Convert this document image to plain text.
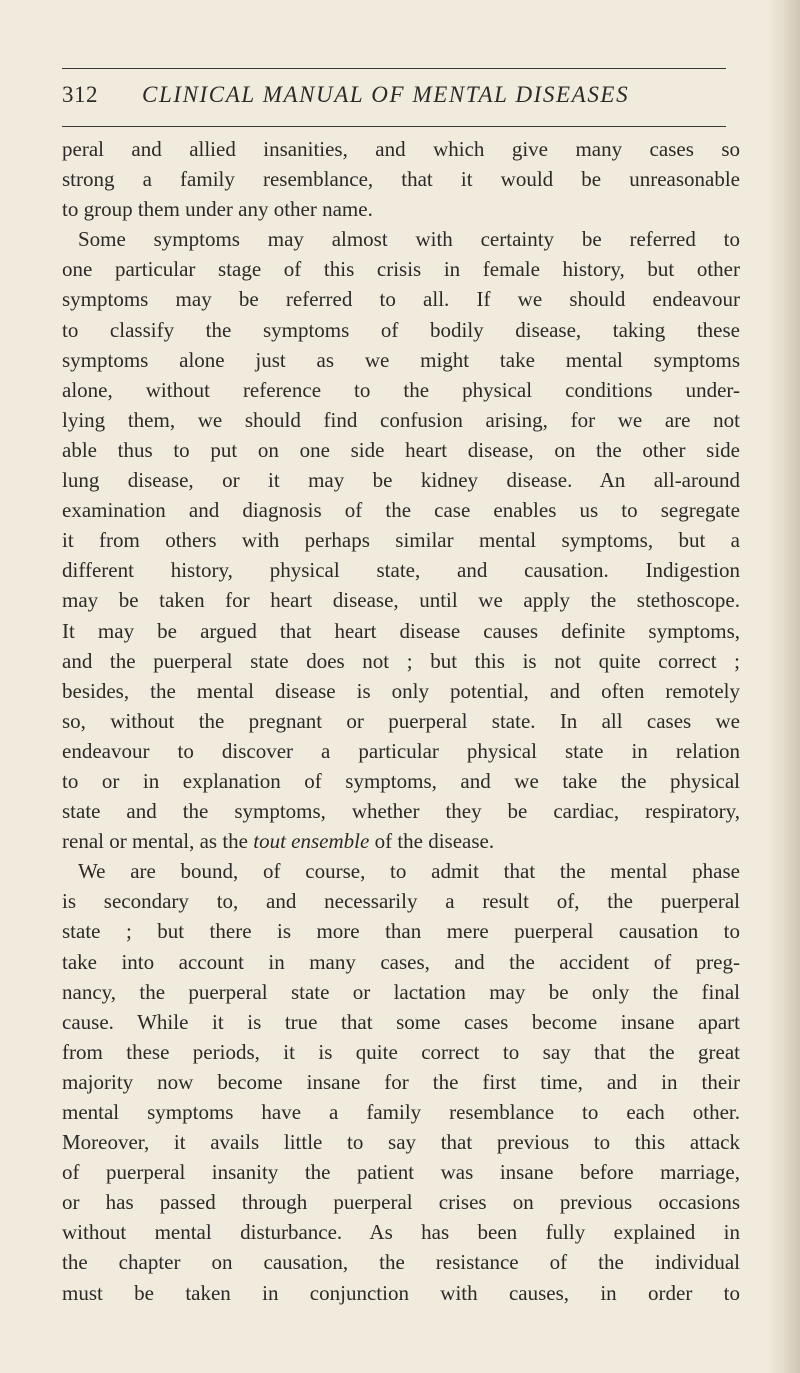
312 CLINICAL MANUAL OF MENTAL DISEASES
peral and allied insanities, and which give many cases so
strong a family resemblance, that it would be unreasonable
to group them under any other name.
Some symptoms may almost with certainty be referred to
one particular stage of this crisis in female history, but other
symptoms may be referred to all. If we should endeavour
to classify the symptoms of bodily disease, taking these
symptoms alone just as we might take mental symptoms
alone, without reference to the physical conditions under-
lying them, we should find confusion arising, for we are not
able thus to put on one side heart disease, on the other side
lung disease, or it may be kidney disease. An all-around
examination and diagnosis of the case enables us to segregate
it from others with perhaps similar mental symptoms, but a
different history, physical state, and causation. Indigestion
may be taken for heart disease, until we apply the stethoscope.
It may be argued that heart disease causes definite symptoms,
and the puerperal state does not ; but this is not quite correct ;
besides, the mental disease is only potential, and often remotely
so, without the pregnant or puerperal state. In all cases we
endeavour to discover a particular physical state in relation
to or in explanation of symptoms, and we take the physical
state and the symptoms, whether they be cardiac, respiratory,
renal or mental, as the tout ensemble of the disease.
We are bound, of course, to admit that the mental phase
is secondary to, and necessarily a result of, the puerperal
state ; but there is more than mere puerperal causation to
take into account in many cases, and the accident of preg-
nancy, the puerperal state or lactation may be only the final
cause. While it is true that some cases become insane apart
from these periods, it is quite correct to say that the great
majority now become insane for the first time, and in their
mental symptoms have a family resemblance to each other.
Moreover, it avails little to say that previous to this attack
of puerperal insanity the patient was insane before marriage,
or has passed through puerperal crises on previous occasions
without mental disturbance. As has been fully explained in
the chapter on causation, the resistance of the individual
must be taken in conjunction with causes, in order to
